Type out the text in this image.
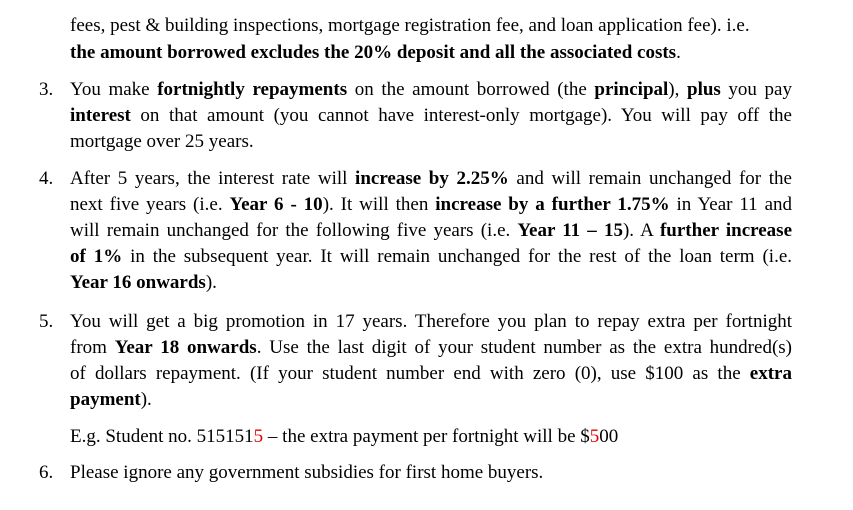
fees, pest & building inspections, mortgage registration fee, and loan application fee). i.e.
the amount borrowed excludes the 20% deposit and all the associated costs.
3. You make fortnightly repayments on the amount borrowed (the principal), plus you pay
interest on that amount (you cannot have interest-only mortgage). You will pay off the
mortgage over 25 years.
4. After 5 years, the interest rate will increase by 2.25% and will remain unchanged for the
next five years (i.e. Year 6 - 10). It will then increase by a further 1.75% in Year 11 and
will remain unchanged for the following five years (i.e. Year 11 – 15). A further increase
of 1% in the subsequent year. It will remain unchanged for the rest of the loan term (i.e.
Year 16 onwards).
5. You will get a big promotion in 17 years. Therefore you plan to repay extra per fortnight
from Year 18 onwards. Use the last digit of your student number as the extra hundred(s)
of dollars repayment. (If your student number end with zero (0), use $100 as the extra
payment).
E.g. Student no. 5151515 – the extra payment per fortnight will be $500
6. Please ignore any government subsidies for first home buyers.
